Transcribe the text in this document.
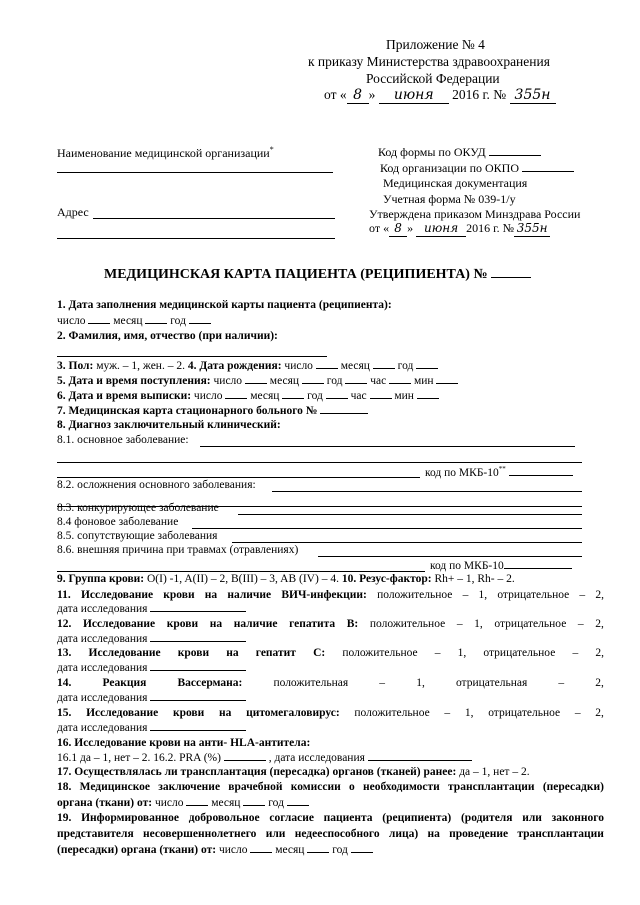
Приложение № 4
к приказу Министерства здравоохранения
Российской Федерации
от « 8 » июня 2016 г. № 355н
Наименование медицинской организации*
Адрес
Код формы по ОКУД
Код организации по ОКПО
Медицинская документация
Учетная форма № 039-1/у
Утверждена приказом Минздрава России
от « 8 » июня 2016 г. № 355н
МЕДИЦИНСКАЯ КАРТА ПАЦИЕНТА (РЕЦИПИЕНТА) №
1. Дата заполнения медицинской карты пациента (реципиента):
число месяц год
2. Фамилия, имя, отчество (при наличии):
3. Пол: муж. – 1, жен. – 2. 4. Дата рождения: число  месяц  год
5. Дата и время поступления: число  месяц  год  час  мин
6. Дата и время выписки: число  месяц  год  час  мин
7. Медицинская карта стационарного больного №
8. Диагноз заключительный клинический:
8.1. основное заболевание:
код по МКБ-10**
8.2. осложнения основного заболевания:
8.3. конкурирующее заболевание
8.4 фоновое заболевание
8.5. сопутствующие заболевания
8.6. внешняя причина при травмах (отравлениях)
код по МКБ-10
9. Группа крови: O(I) -1, A(II) – 2, B(III) – 3, AB (IV) – 4. 10. Резус-фактор: Rh+ – 1, Rh- – 2.
11. Исследование крови на наличие ВИЧ-инфекции: положительное – 1, отрицательное – 2,
дата исследования
12. Исследование крови на наличие гепатита B: положительное – 1, отрицательное – 2,
дата исследования
13. Исследование крови на гепатит C: положительное – 1, отрицательное – 2,
дата исследования
14.	Реакция	Вассермана:	положительная	–	1,	отрицательная	–	2,
дата исследования
15. Исследование крови на цитомегаловирус: положительное – 1, отрицательное – 2,
дата исследования
16. Исследование крови на анти- HLA-антитела:
16.1 да – 1, нет – 2. 16.2. PRA (%)	, дата исследования
17. Осуществлялась ли трансплантация (пересадка) органов (тканей) ранее: да – 1, нет – 2.
18. Медицинское заключение врачебной комиссии о необходимости трансплантации (пересадки)
органа (ткани) от: число  месяц  год
19. Информированное добровольное согласие пациента (реципиента) (родителя или законного
представителя несовершеннолетнего или недееспособного лица) на проведение трансплантации
(пересадки) органа (ткани) от: число  месяц  год
